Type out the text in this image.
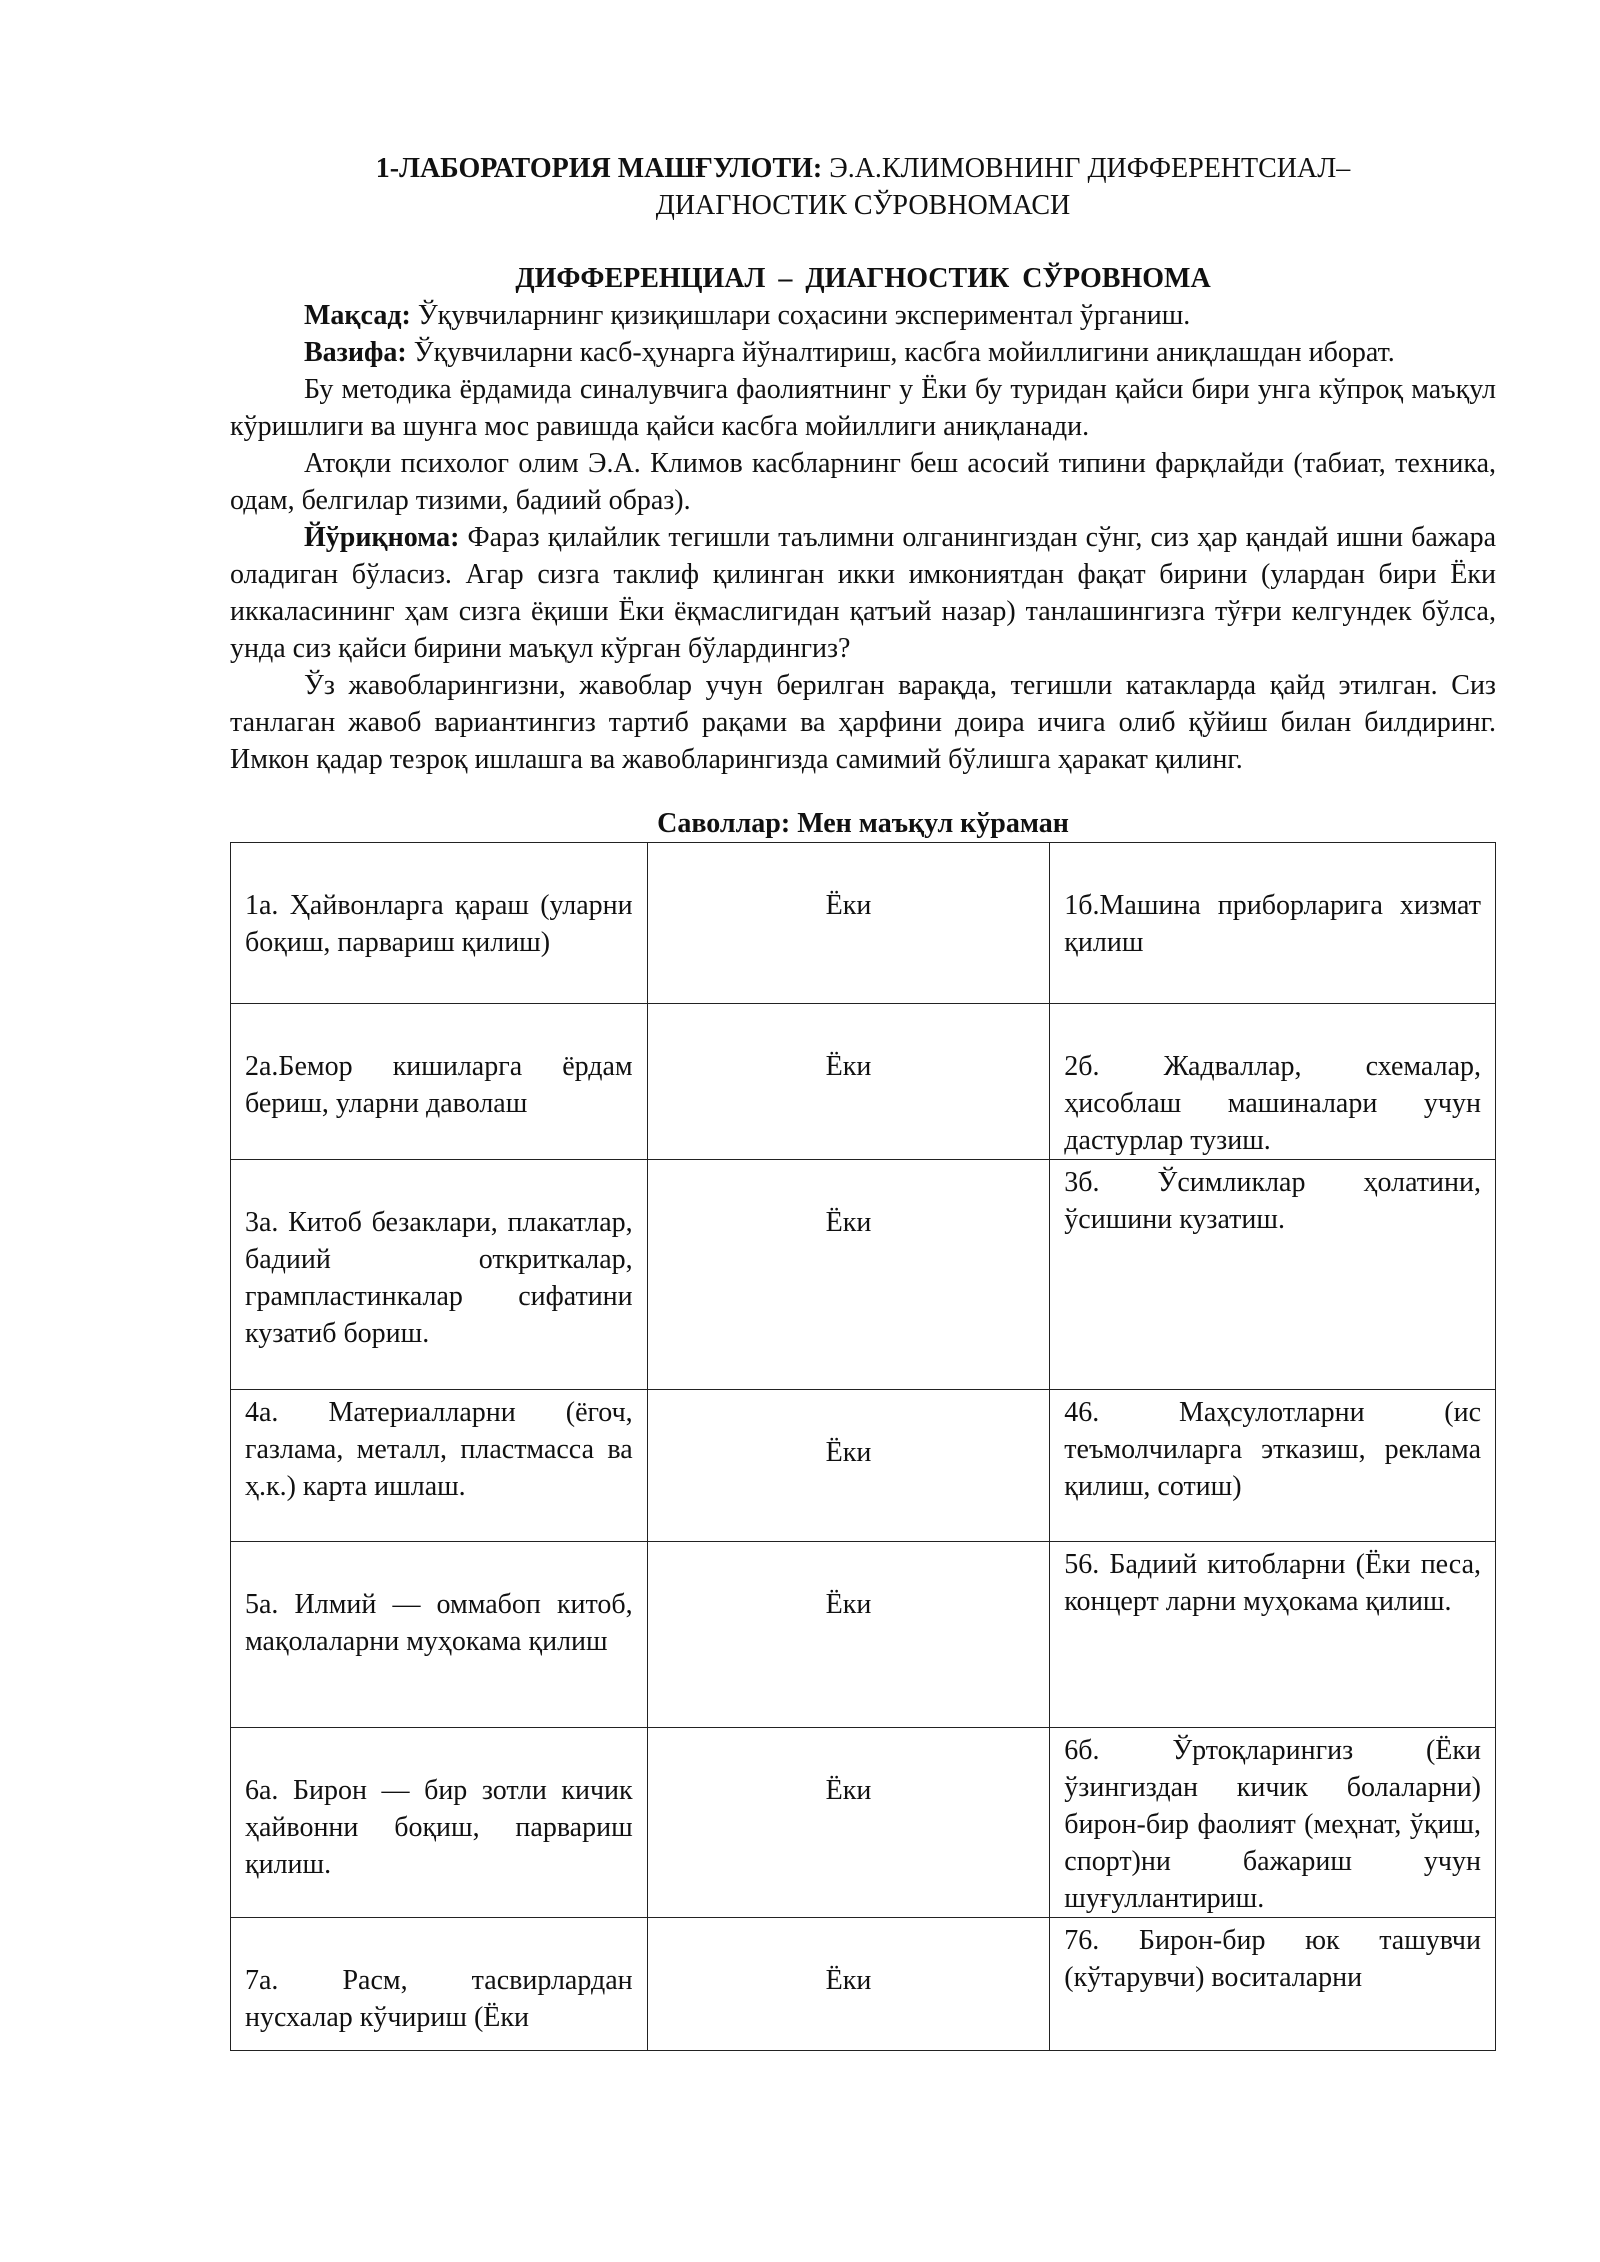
1-ЛАБОРАТОРИЯ МАШҒУЛОТИ: Э.А.КЛИМОВНИНГ ДИФФЕРЕНТСИАЛ–
ДИАГНОСТИК СЎРОВНОМАСИ
ДИФФЕРЕНЦИАЛ – ДИАГНОСТИК СЎРОВНОМА

Мақсад: Ўқувчиларнинг қизиқишлари соҳасини экспериментал ўрганиш.

Вазифа: Ўқувчиларни касб-ҳунарга йўналтириш, касбга мойиллигини аниқлашдан иборат.

Бу методика ёрдамида синалувчига фаолиятнинг у Ёки бу туридан қайси бири унга кўпроқ маъқул кўришлиги ва шунга мос равишда қайси касбга мойиллиги аниқланади.

Атоқли психолог олим Э.А. Климов касбларнинг беш асосий типини фарқлайди (табиат, техника, одам, белгилар тизими, бадиий образ).

Йўриқнома: Фараз қилайлик тегишли таълимни олганингиздан сўнг, сиз ҳар қандай ишни бажара оладиган бўласиз. Агар сизга таклиф қилинган икки имкониятдан фақат бирини (улардан бири Ёки иккаласининг ҳам сизга ёқиши Ёки ёқмаслигидан қатъий назар) танлашингизга тўғри келгундек бўлса, унда сиз қайси бирини маъқул кўрган бўлардингиз?

Ўз жавобларингизни, жавоблар учун берилган варақда, тегишли катакларда қайд этилган. Сиз танлаган жавоб вариантингиз тартиб рақами ва ҳарфини доира ичига олиб қўйиш билан билдиринг. Имкон қадар тезроқ ишлашга ва жавобларингизда самимий бўлишга ҳаракат қилинг.

Саволлар: Мен маъқул кўраман
1а. Ҳайвонларга қараш (уларни боқиш, парвариш қилиш)	Ёки	1б.Машина приборларига хизмат қилиш

2а.Бемор кишиларга ёрдам бериш, уларни даволаш	Ёки	2б. Жадваллар, схемалар, ҳисоблаш машиналари учун дастурлар тузиш.

3а. Китоб безаклари, плакатлар, бадиий откриткалар, грампластинкалар сифатини кузатиб бориш.	Ёки	3б. Ўсимликлар ҳолатини, ўсишини кузатиш.

4а. Материалларни (ёгоч, газлама, металл, пластмасса ва ҳ.к.) карта ишлаш.	Ёки	46. Маҳсулотларни (ис теъмолчиларга этказиш, реклама қилиш, сотиш)

5а. Илмий — оммабоп китоб, мақолаларни муҳокама қилиш	Ёки	56. Бадиий китобларни (Ёки песа, концерт ларни муҳокама қилиш.

6а. Бирон — бир зотли кичик ҳайвонни боқиш, парвариш қилиш.	Ёки	6б. Ўртоқларингиз (Ёки ўзингиздан кичик болаларни) бирон-бир фаолият (меҳнат, ўқиш, спорт)ни бажариш учун шуғуллантириш.

7а. Расм, тасвирлардан нусхалар кўчириш (Ёки	Ёки	76. Бирон-бир юк ташувчи (кўтарувчи) воситаларни
